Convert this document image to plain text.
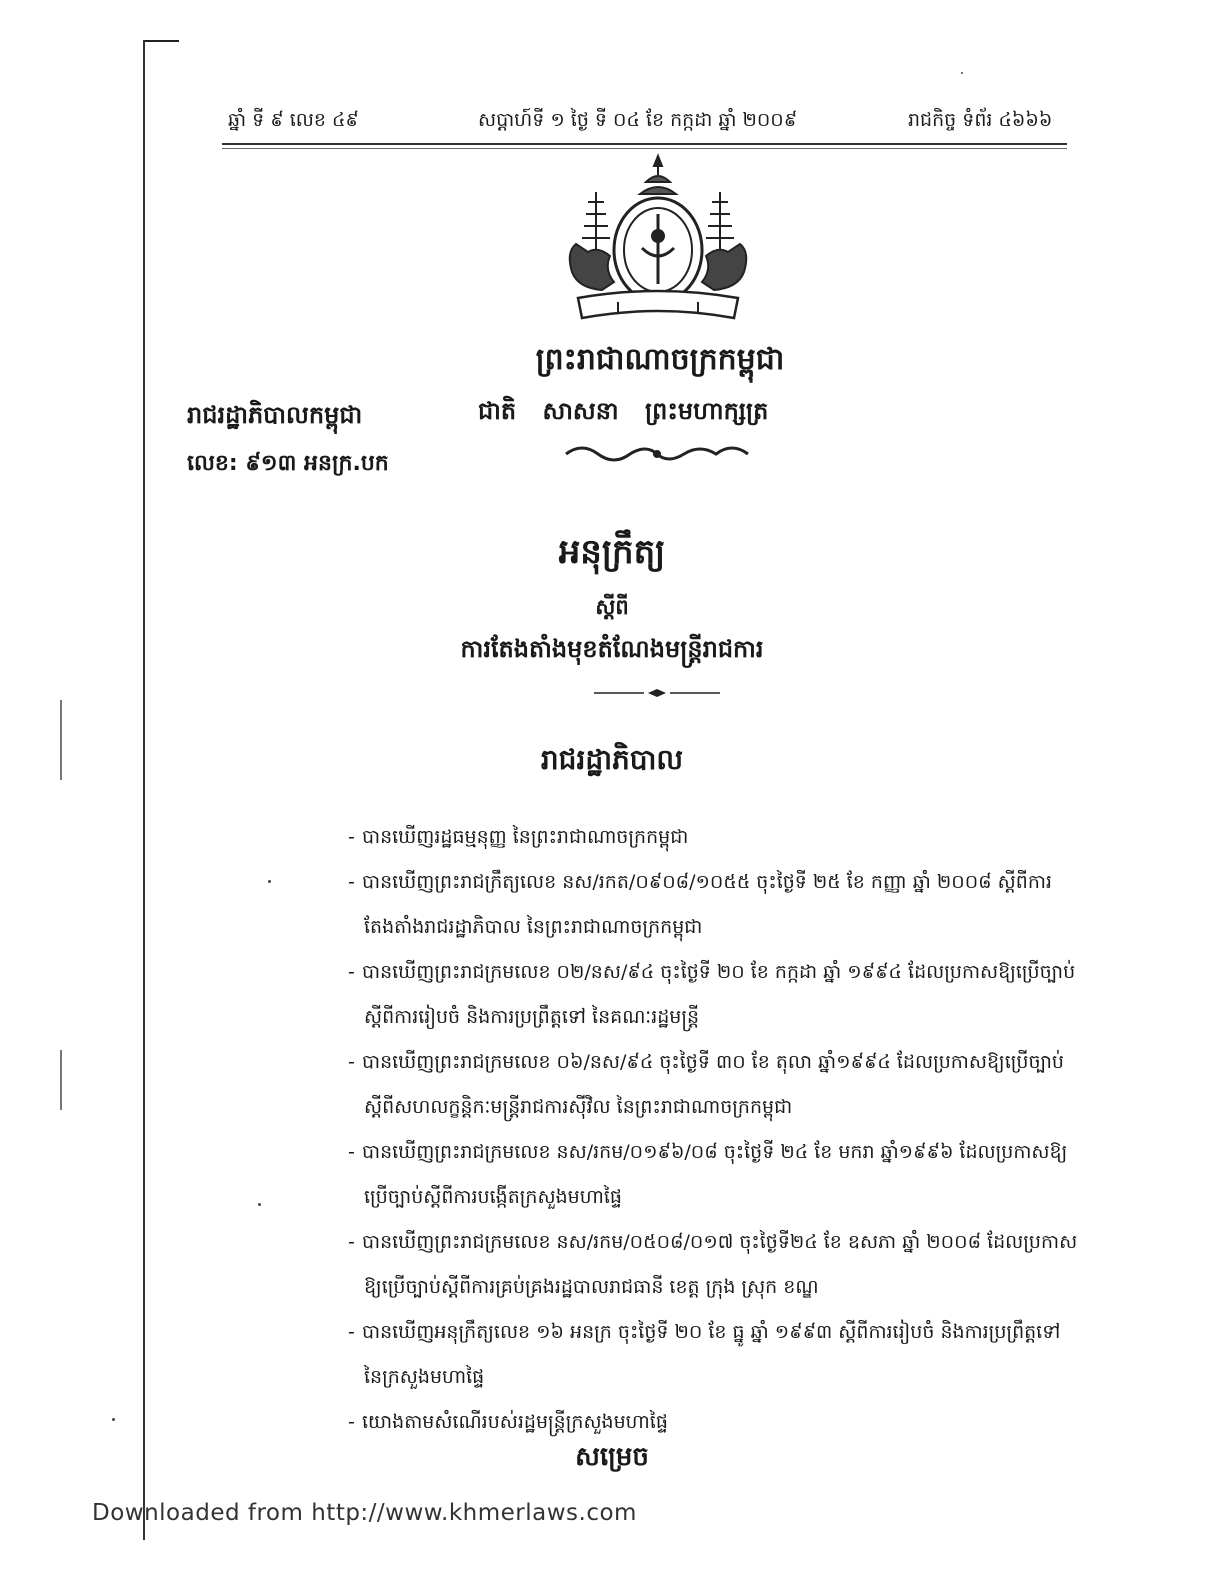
ឆ្នាំ ទី ៩ លេខ ៤៩	សប្តាហ៍ទី ១ ថ្ងៃ ទី ០៤ ខែ កក្កដា ឆ្នាំ ២០០៩	រាជកិច្ច ទំព័រ ៤៦៦៦
ព្រះរាជាណាចក្រកម្ពុជា
ជាតិ សាសនា ព្រះមហាក្សត្រ
រាជរដ្ឋាភិបាលកម្ពុជា
លេខ: ៩១៣ អនក្រ.បក
អនុក្រឹត្យ
ស្តីពី
ការតែងតាំងមុខតំណែងមន្ត្រីរាជការ
រាជរដ្ឋាភិបាល
- បានឃើញរដ្ឋធម្មនុញ្ញ នៃព្រះរាជាណាចក្រកម្ពុជា
- បានឃើញព្រះរាជក្រឹត្យលេខ នស/រកត/០៩០៨/១០៥៥ ចុះថ្ងៃទី ២៥ ខែ កញ្ញា ឆ្នាំ ២០០៨ ស្តីពីការ
តែងតាំងរាជរដ្ឋាភិបាល នៃព្រះរាជាណាចក្រកម្ពុជា
- បានឃើញព្រះរាជក្រមលេខ ០២/នស/៩៤ ចុះថ្ងៃទី ២០ ខែ កក្កដា ឆ្នាំ ១៩៩៤ ដែលប្រកាសឱ្យប្រើច្បាប់
ស្តីពីការរៀបចំ និងការប្រព្រឹត្តទៅ នៃគណៈរដ្ឋមន្ត្រី
- បានឃើញព្រះរាជក្រមលេខ ០៦/នស/៩៤ ចុះថ្ងៃទី ៣០ ខែ តុលា ឆ្នាំ១៩៩៤ ដែលប្រកាសឱ្យប្រើច្បាប់
ស្តីពីសហលក្ខន្តិកៈមន្ត្រីរាជការស៊ីវិល នៃព្រះរាជាណាចក្រកម្ពុជា
- បានឃើញព្រះរាជក្រមលេខ នស/រកម/០១៩៦/០៨ ចុះថ្ងៃទី ២៤ ខែ មករា ឆ្នាំ១៩៩៦ ដែលប្រកាសឱ្យ
ប្រើច្បាប់ស្តីពីការបង្កើតក្រសួងមហាផ្ទៃ
- បានឃើញព្រះរាជក្រមលេខ នស/រកម/០៥០៨/០១៧ ចុះថ្ងៃទី២៤ ខែ ឧសភា ឆ្នាំ ២០០៨ ដែលប្រកាស
ឱ្យប្រើច្បាប់ស្តីពីការគ្រប់គ្រងរដ្ឋបាលរាជធានី ខេត្ត ក្រុង ស្រុក ខណ្ឌ
- បានឃើញអនុក្រឹត្យលេខ ១៦ អនក្រ ចុះថ្ងៃទី ២០ ខែ ធ្នូ ឆ្នាំ ១៩៩៣ ស្តីពីការរៀបចំ និងការប្រព្រឹត្តទៅ
នៃក្រសួងមហាផ្ទៃ
- យោងតាមសំណើរបស់រដ្ឋមន្ត្រីក្រសួងមហាផ្ទៃ
សម្រេច
Downloaded from http://www.khmerlaws.com
